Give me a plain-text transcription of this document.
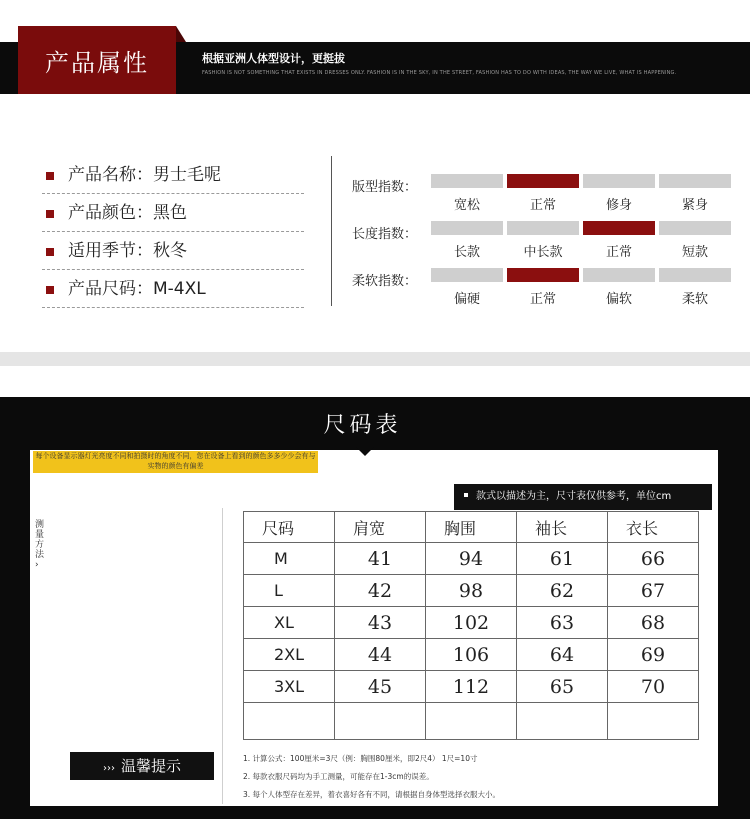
产品属性	根据亚洲人体型设计，更挺拔
FASHION IS NOT SOMETHING THAT EXISTS IN DRESSES ONLY. FASHION IS IN THE SKY, IN THE STREET, FASHION HAS TO DO WITH IDEAS, THE WAY WE LIVE, WHAT IS HAPPENING.
产品名称：男士毛呢
产品颜色：黑色
适用季节：秋冬
产品尺码：M-4XL
版型指数：
宽松	正常	修身	紧身
长度指数：
长款	中长款	正常	短款
柔软指数：
偏硬	正常	偏软	柔软
尺码表
每个设备显示器灯光亮度不同和拍摄时的角度不同，您在设备上看到的颜色多多少少会有与实物的颜色有偏差
测量方法 ›
款式以描述为主，尺寸表仅供参考，单位cm
尺码	肩宽	胸围	袖长	衣长
M	41	94	61	66
L	42	98	62	67
XL	43	102	63	68
2XL	44	106	64	69
3XL	45	112	65	70

››› 温馨提示	1. 计算公式：100厘米=3尺（例：胸围80厘米，即2尺4） 1尺=10寸
2. 每款衣服尺码均为手工测量，可能存在1-3cm的误差。
3. 每个人体型存在差异，着衣喜好各有不同，请根据自身体型选择衣服大小。
